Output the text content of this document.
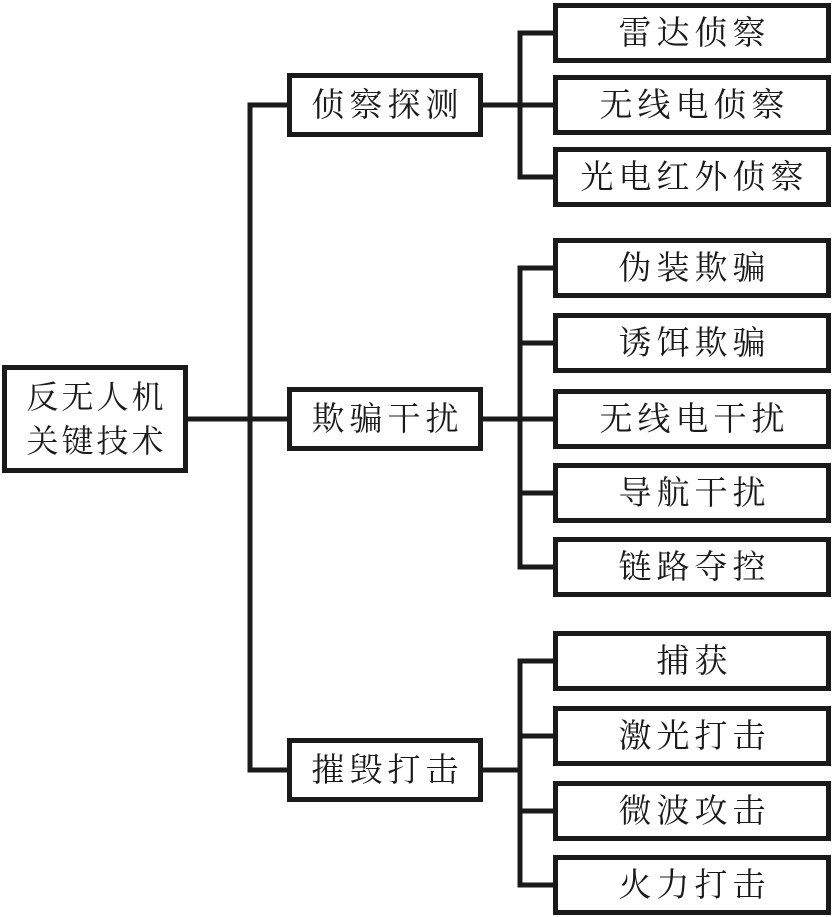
反无人机
关键技术
侦察探测
欺骗干扰
摧毁打击
雷达侦察
无线电侦察
光电红外侦察
伪装欺骗
诱饵欺骗
无线电干扰
导航干扰
链路夺控
捕获
激光打击
微波攻击
火力打击
